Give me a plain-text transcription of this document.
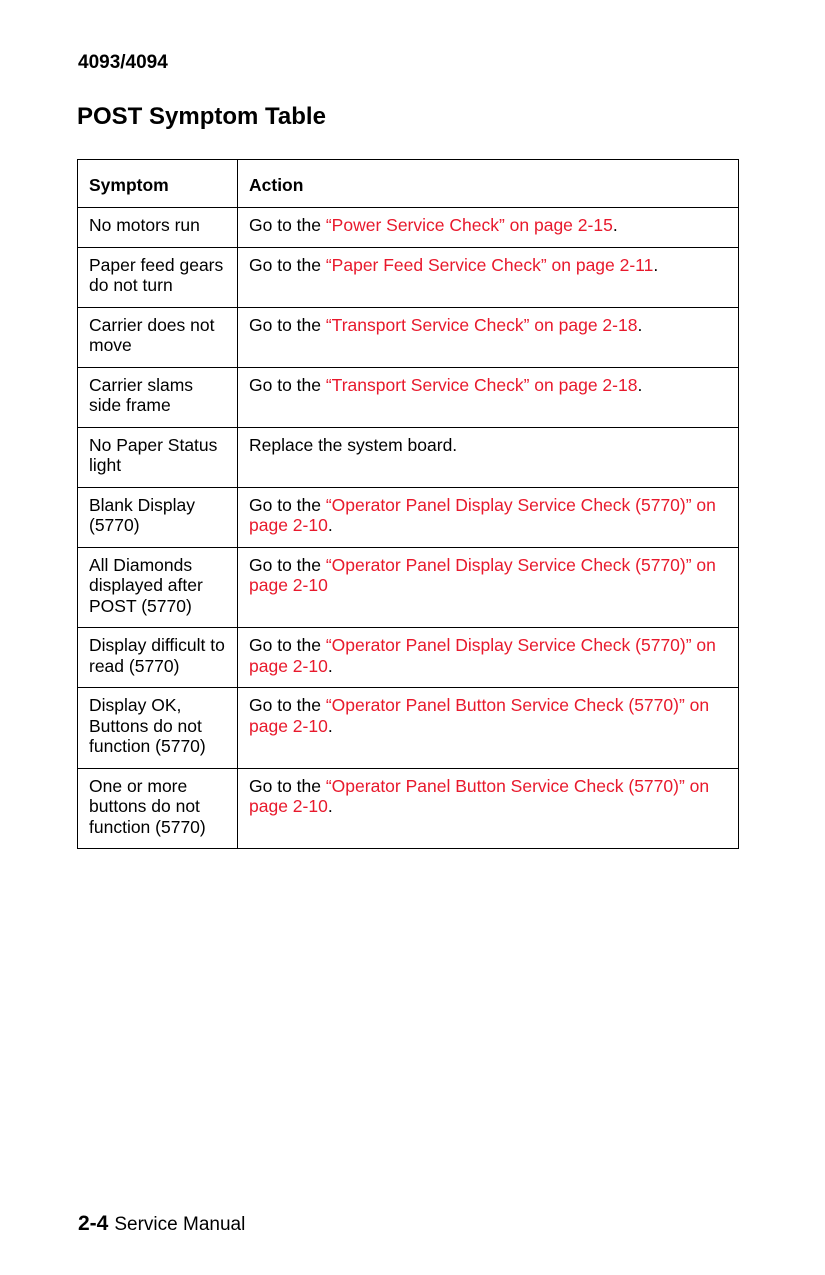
4093/4094
POST Symptom Table
Symptom	Action
No motors run	Go to the “Power Service Check” on page 2-15.
Paper feed gears do not turn	Go to the “Paper Feed Service Check” on page 2-11.
Carrier does not move	Go to the “Transport Service Check” on page 2-18.
Carrier slams side frame	Go to the “Transport Service Check” on page 2-18.
No Paper Status light	Replace the system board.
Blank Display (5770)	Go to the “Operator Panel Display Service Check (5770)” on page 2-10.
All Diamonds displayed after POST (5770)	Go to the “Operator Panel Display Service Check (5770)” on page 2-10
Display difficult to read (5770)	Go to the “Operator Panel Display Service Check (5770)” on page 2-10.
Display OK, Buttons do not function (5770)	Go to the “Operator Panel Button Service Check (5770)” on page 2-10.
One or more buttons do not function (5770)	Go to the “Operator Panel Button Service Check (5770)” on page 2-10.
2-4 Service Manual
